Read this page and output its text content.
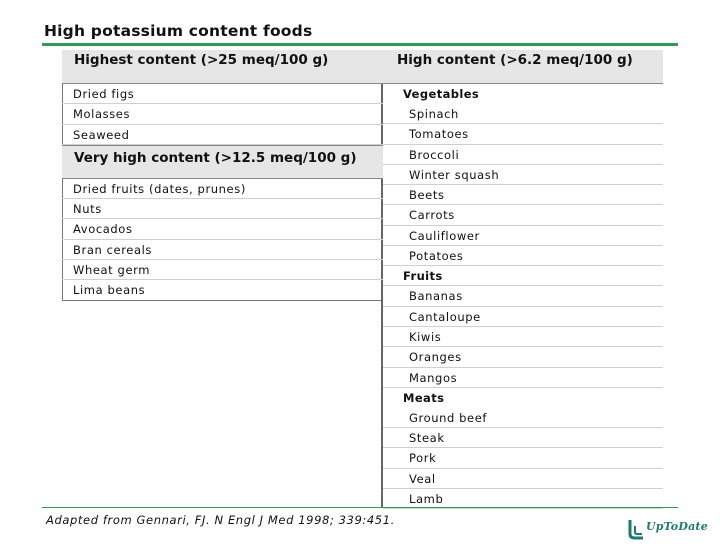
High potassium content foods
Highest content (>25 meq/100 g)
Dried figs
Molasses
Seaweed
Very high content (>12.5 meq/100 g)
Dried fruits (dates, prunes)
Nuts
Avocados
Bran cereals
Wheat germ
Lima beans
High content (>6.2 meq/100 g)
Vegetables
Spinach
Tomatoes
Broccoli
Winter squash
Beets
Carrots
Cauliflower
Potatoes
Fruits
Bananas
Cantaloupe
Kiwis
Oranges
Mangos
Meats
Ground beef
Steak
Pork
Veal
Lamb
Adapted from Gennari, FJ. N Engl J Med 1998; 339:451.	UpToDate
